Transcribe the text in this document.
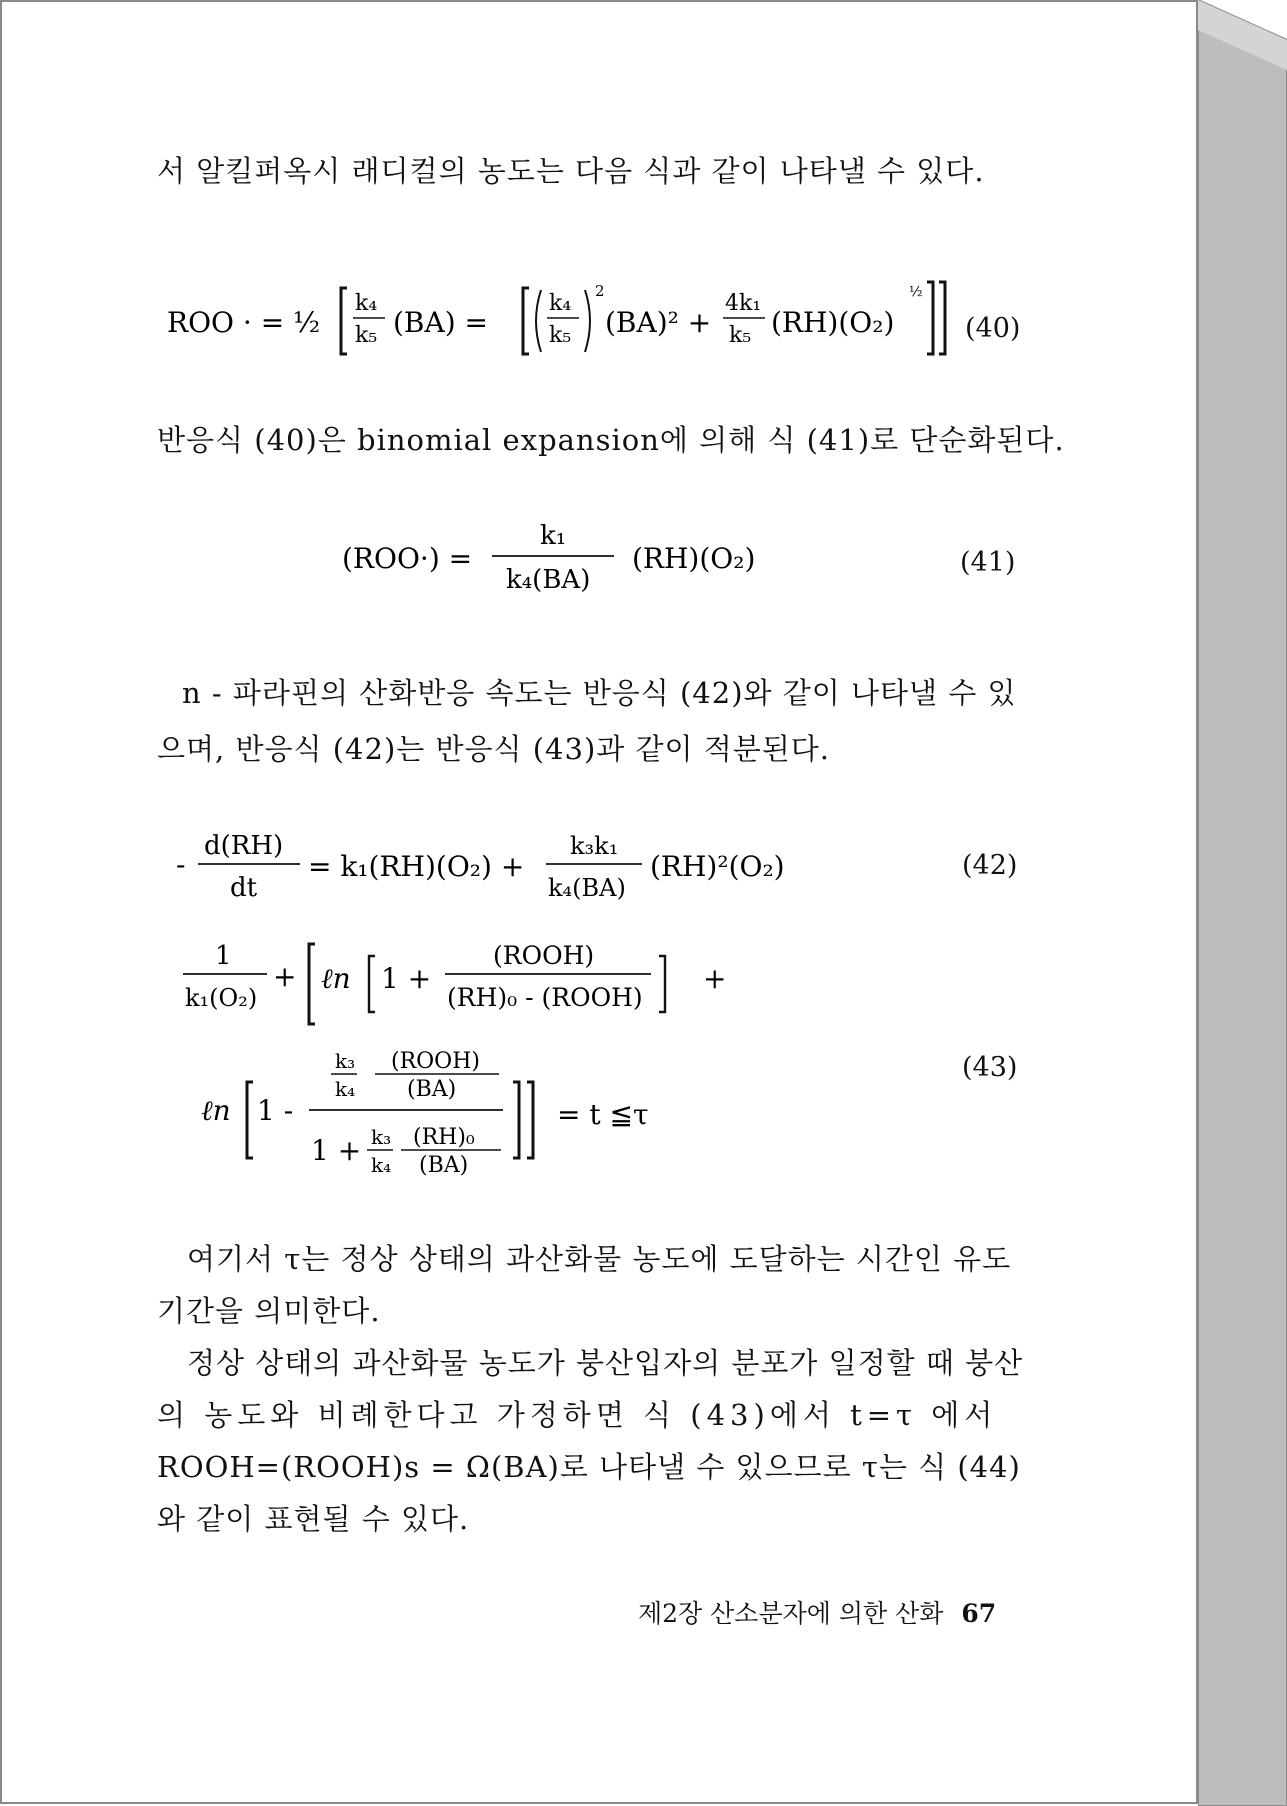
서 알킬퍼옥시 래디컬의 농도는 다음 식과 같이 나타낼 수 있다.
ROO · = ½
k₄
k₅ (BA) =
k₄
k₅
2
(BA)² +
4k₁
k₅ (RH)(O₂)
½
(40)
반응식 (40)은 binomial expansion에 의해 식 (41)로 단순화된다.
(ROO·) =
k₁
k₄(BA)
(RH)(O₂)	(41)
n - 파라핀의 산화반응 속도는 반응식 (42)와 같이 나타낼 수 있
으며, 반응식 (42)는 반응식 (43)과 같이 적분된다.
-
d(RH)
dt
= k₁(RH)(O₂) +
k₃k₁
k₄(BA)
(RH)²(O₂)	(42)
1
k₁(O₂)
+ ℓn 1 +
(ROOH)
(RH)₀ - (ROOH)
+
ℓn 1 -
k₃
k₄
(ROOH)
(BA)
1 + k₃
k₄
(RH)₀
(BA)
= t ≦τ
(43)
여기서 τ는 정상 상태의 과산화물 농도에 도달하는 시간인 유도
기간을 의미한다.
정상 상태의 과산화물 농도가 붕산입자의 분포가 일정할 때 붕산
의 농도와 비례한다고 가정하면 식 (43)에서 t=τ 에서
ROOH=(ROOH)s = Ω(BA)로 나타낼 수 있으므로 τ는 식 (44)
와 같이 표현될 수 있다.
제2장 산소분자에 의한 산화 67
